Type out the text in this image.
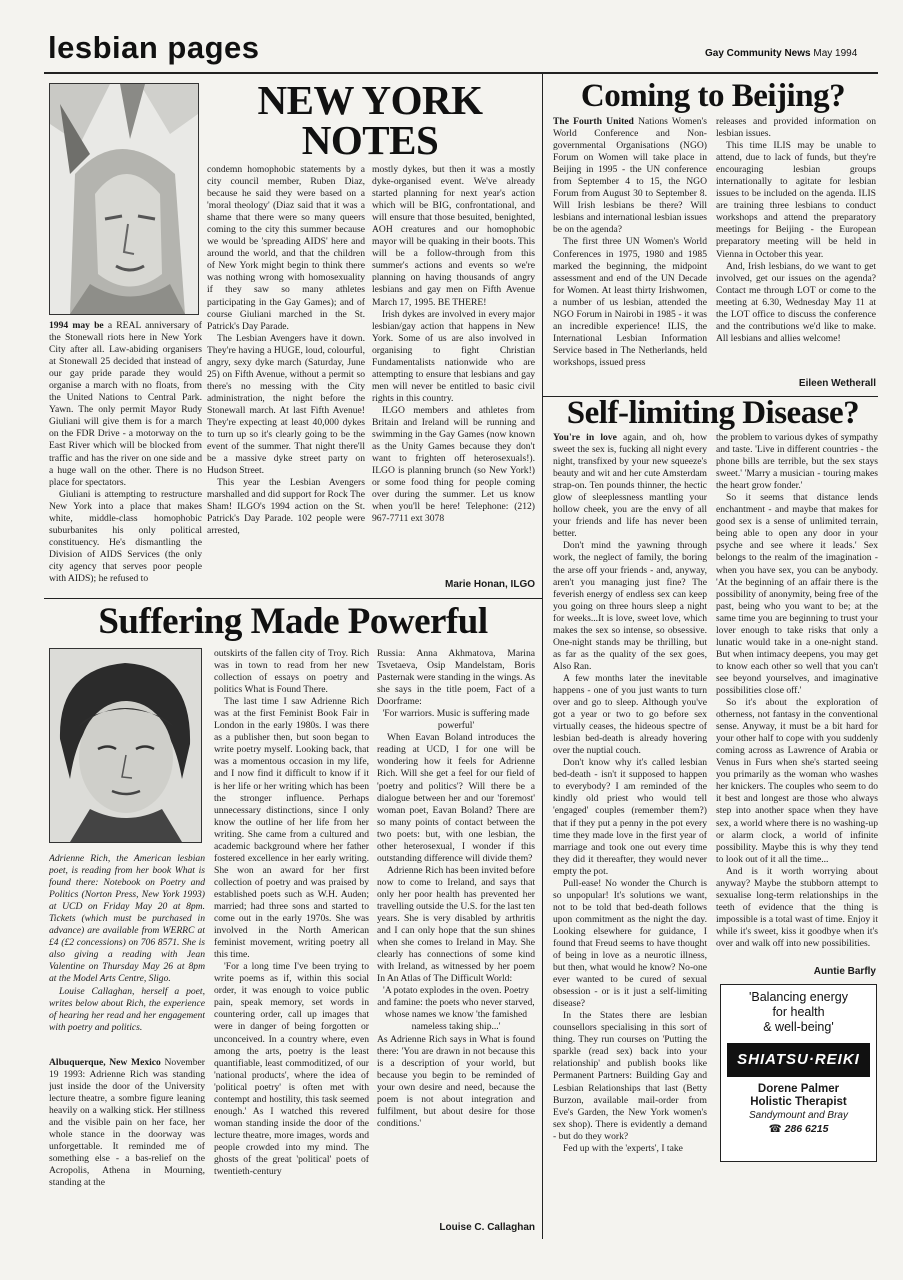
lesbian pages	Gay Community News May 1994
NEW YORK
NOTES

1994 may be a REAL anniversary of the Stonewall riots here in New York City after all. Law-abiding organisers at Stonewall 25 decided that instead of our gay pride parade they would organise a march with no floats, from the United Nations to Central Park. Yawn. The only permit Mayor Rudy Giuliani will give them is for a march on the FDR Drive - a motorway on the East River which will be blocked from traffic and has the river on one side and a huge wall on the other. There is no place for spectators.

Giuliani is attempting to restructure New York into a place that makes white, middle-class homophobic suburbanites his only political constituency. He's dismantling the Division of AIDS Services (the only city agency that serves poor people with AIDS); he refused to

condemn homophobic statements by a city council member, Ruben Diaz, because he said they were based on a 'moral theology' (Diaz said that it was a shame that there were so many queers coming to the city this summer because we would be 'spreading AIDS' here and around the world, and that the children of New York might begin to think there was nothing wrong with homosexuality if they saw so many athletes participating in the Gay Games); and of course Giuliani marched in the St. Patrick's Day Parade.

The Lesbian Avengers have it down. They're having a HUGE, loud, colourful, angry, sexy dyke march (Saturday, June 25) on Fifth Avenue, without a permit so there's no messing with the City administration, the night before the Stonewall march. At last Fifth Avenue! They're expecting at least 40,000 dykes to turn up so it's clearly going to be the event of the summer. That night there'll be a massive dyke street party on Hudson Street.

This year the Lesbian Avengers marshalled and did support for Rock The Sham! ILGO's 1994 action on the St. Patrick's Day Parade. 102 people were arrested,

mostly dykes, but then it was a mostly dyke-organised event. We've already started planning for next year's action which will be BIG, confrontational, and will ensure that those besuited, benighted, AOH creatures and our homophobic mayor will be quaking in their boots. This will be a follow-through from this summer's actions and events so we're planning on having thousands of angry lesbians and gay men on Fifth Avenue March 17, 1995. BE THERE!

Irish dykes are involved in every major lesbian/gay action that happens in New York. Some of us are also involved in organising to fight Christian Fundamentalists nationwide who are attempting to ensure that lesbians and gay men will never be entitled to basic civil rights in this country.

ILGO members and athletes from Britain and Ireland will be running and swimming in the Gay Games (now known as the Unity Games because they don't want to frighten off heterosexuals!). ILGO is planning brunch (so New York!) or some food thing for people coming over during the summer. Let us know when you'll be here! Telephone: (212) 967-7711 ext 3078

Marie Honan, ILGO
Coming to Beijing?

The Fourth United Nations Women's World Conference and Non-governmental Organisations (NGO) Forum on Women will take place in Beijing in 1995 - the UN conference from September 4 to 15, the NGO Forum from August 30 to September 8. Will Irish lesbians be there? Will lesbians and international lesbian issues be on the agenda?

The first three UN Women's World Conferences in 1975, 1980 and 1985 marked the beginning, the midpoint assessment and end of the UN Decade for Women. At least thirty Irishwomen, a number of us lesbian, attended the NGO Forum in Nairobi in 1985 - it was an incredible experience! ILIS, the International Lesbian Information Service based in The Netherlands, held workshops, issued press

releases and provided information on lesbian issues.

This time ILIS may be unable to attend, due to lack of funds, but they're encouraging lesbian groups internationally to agitate for lesbian issues to be included on the agenda. ILIS are training three lesbians to conduct workshops and attend the preparatory meetings for Beijing - the European preparatory meeting will be held in Vienna in October this year.

And, Irish lesbians, do we want to get involved, get our issues on the agenda? Contact me through LOT or come to the meeting at 6.30, Wednesday May 11 at the LOT office to discuss the conference and the contributions we'd like to make. All lesbians and allies welcome!

Eileen Wetherall
Self-limiting Disease?

You're in love again, and oh, how sweet the sex is, fucking all night every night, transfixed by your new squeeze's beauty and wit and her cute Amsterdam strap-on. Ten pounds thinner, the hectic glow of sleeplessness mantling your hollow cheek, you are the envy of all your friends and life has never been better.

Don't mind the yawning through work, the neglect of family, the boring the arse off your friends - and, anyway, aren't you managing just fine? The feverish energy of endless sex can keep you going on three hours sleep a night for weeks...It is love, sweet love, which makes the sex so intense, so obsessive. One-night stands may be thrilling, but as far as the quality of the sex goes, Also Ran.

A few months later the inevitable happens - one of you just wants to turn over and go to sleep. Although you've got a year or two to go before sex virtually ceases, the hideous spectre of lesbian bed-death is already hovering over the nuptial couch.

Don't know why it's called lesbian bed-death - isn't it supposed to happen to everybody? I am reminded of the kindly old priest who would tell 'engaged' couples (remember them?) that if they put a penny in the pot every time they made love in the first year of marriage and took one out every time they did it thereafter, they would never empty the pot.

Pull-ease! No wonder the Church is so unpopular! It's solutions we want, not to be told that bed-death follows upon commitment as the night the day. Looking elsewhere for guidance, I found that Freud seems to have thought of being in love as a neurotic illness, but then, what would he know? No-one ever wanted to be cured of sexual obsession - or is it just a self-limiting disease?

In the States there are lesbian counsellors specialising in this sort of thing. They run courses on 'Putting the sparkle (read sex) back into your relationship' and publish books like Permanent Partners: Building Gay and Lesbian Relationships that last (Betty Burzon, available mail-order from Eve's Garden, the New York women's sex shop). There is evidently a demand - but do they work?

Fed up with the 'experts', I take

the problem to various dykes of sympathy and taste. 'Live in different countries - the phone bills are terrible, but the sex stays sweet.' 'Marry a musician - touring makes the heart grow fonder.'

So it seems that distance lends enchantment - and maybe that makes for good sex is a sense of unlimited terrain, being able to open any door in your psyche and see where it leads.' Sex belongs to the realm of the imagination - when you have sex, you can be anybody. 'At the beginning of an affair there is the possibility of anonymity, being free of the past, being who you want to be; at the same time you are beginning to trust your lover enough to take risks that only a lunatic would take in a one-night stand. But when intimacy deepens, you may get to know each other so well that you can't see beyond yourselves, and imaginative possibilities close off.'

So it's about the exploration of otherness, not fantasy in the conventional sense. Anyway, it must be a bit hard for your other half to cope with you suddenly coming across as Lawrence of Arabia or Venus in Furs when she's started seeing you primarily as the woman who washes her knickers. The couples who seem to do it best and longest are those who always step into another space when they have sex, a world where there is no washing-up or alarm clock, a world of infinite possibility. Maybe this is why they tend to look out of it all the time...

And is it worth worrying about anyway? Maybe the stubborn attempt to sexualise long-term relationships in the teeth of evidence that the thing is impossible is a total wast of time. Enjoy it while it's sweet, kiss it goodbye when it's over and walk off into new possibilities.

Auntie Barfly
'Balancing energy
for health
& well-being'
SHIATSU·REIKI
Dorene Palmer
Holistic Therapist
Sandymount and Bray
☎ 286 6215
Suffering Made Powerful

Adrienne Rich, the American lesbian poet, is reading from her book What is found there: Notebook on Poetry and Politics (Norton Press, New York 1993) at UCD on Friday May 20 at 8pm. Tickets (which must be purchased in advance) are available from WERRC at £4 (£2 concessions) on 706 8571. She is also giving a reading with Jean Valentine on Thursday May 26 at 8pm at the Model Arts Centre, Sligo.

Louise Callaghan, herself a poet, writes below about Rich, the experience of hearing her read and her engagement with poetry and politics.

Albuquerque, New Mexico November 19 1993: Adrienne Rich was standing just inside the door of the University lecture theatre, a sombre figure leaning heavily on a walking stick. Her stillness and the visible pain on her face, her whole stance in the doorway was unforgettable. It reminded me of something else - a bas-relief on the Acropolis, Athena in Mourning, standing at the

outskirts of the fallen city of Troy. Rich was in town to read from her new collection of essays on poetry and politics What is Found There.

The last time I saw Adrienne Rich was at the first Feminist Book Fair in London in the early 1980s. I was there as a publisher then, but soon began to write poetry myself. Looking back, that was a momentous occasion in my life, and I now find it difficult to know if it is her life or her writing which has been the stronger influence. Perhaps unnecessary distinctions, since I only know the outline of her life from her writing. She came from a cultured and academic background where her father fostered excellence in her early writing. She won an award for her first collection of poetry and was praised by established poets such as W.H. Auden; married; had three sons and started to come out in the early 1970s. She was involved in the North American feminist movement, writing poetry all this time.

'For a long time I've been trying to write poems as if, within this social order, it was enough to voice public pain, speak memory, set words in countering order, call up images that were in danger of being forgotten or unconceived. In a country where, even among the arts, poetry is the least quantifiable, least commoditized, of our 'national products', where the idea of 'political poetry' is often met with contempt and hostility, this task seemed enough.' As I watched this revered woman standing inside the door of the lecture theatre, more images, words and people crowded into my mind. The ghosts of the great 'political' poets of twentieth-century

Russia: Anna Akhmatova, Marina Tsvetaeva, Osip Mandelstam, Boris Pasternak were standing in the wings. As she says in the title poem, Fact of a Doorframe:

'For warriors. Music is suffering made powerful'

When Eavan Boland introduces the reading at UCD, I for one will be wondering how it feels for Adrienne Rich. Will she get a feel for our field of 'poetry and politics'? Will there be a dialogue between her and our 'foremost' woman poet, Eavan Boland? There are so many points of contact between the two poets: but, with one lesbian, the other heterosexual, I wonder if this outstanding difference will divide them?

Adrienne Rich has been invited before now to come to Ireland, and says that only her poor health has prevented her travelling outside the U.S. for the last ten years. She is very disabled by arthritis and I can only hope that the sun shines when she comes to Ireland in May. She clearly has connections of some kind with Ireland, as witnessed by her poem In An Atlas of The Difficult World:

'A potato explodes in the oven. Poetry and famine: the poets who never starved, whose names we know 'the famished nameless taking ship...'

As Adrienne Rich says in What is found there: 'You are drawn in not because this is a description of your world, but because you begin to be reminded of your own desire and need, because the poem is not about integration and fulfilment, but about desire for those conditions.'

Louise C. Callaghan
